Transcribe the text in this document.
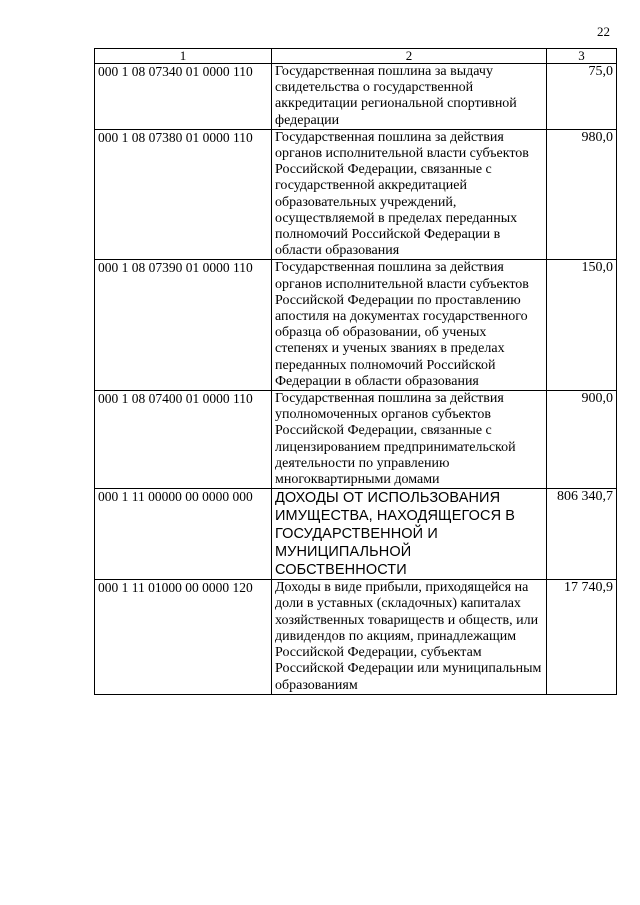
22
1	2	3
000 1 08 07340 01 0000 110	Государственная пошлина за выдачу свидетельства о государственной аккредитации региональной спортивной федерации	75,0
000 1 08 07380 01 0000 110	Государственная пошлина за действия органов исполнительной власти субъектов Российской Федерации, связанные с государственной аккредитацией образовательных учреждений, осуществляемой в пределах переданных полномочий Российской Федерации в области образования	980,0
000 1 08 07390 01 0000 110	Государственная пошлина за действия органов исполнительной власти субъектов Российской Федерации по проставлению апостиля на документах государственного образца об образовании, об ученых степенях и ученых званиях в пределах переданных полномочий Российской Федерации в области образования	150,0
000 1 08 07400 01 0000 110	Государственная пошлина за действия уполномоченных органов субъектов Российской Федерации, связанные с лицензированием предпринимательской деятельности по управлению многоквартирными домами	900,0
000 1 11 00000 00 0000 000	ДОХОДЫ ОТ ИСПОЛЬЗОВАНИЯ ИМУЩЕСТВА, НАХОДЯЩЕГОСЯ В ГОСУДАРСТВЕННОЙ И МУНИЦИПАЛЬНОЙ СОБСТВЕННОСТИ	806 340,7
000 1 11 01000 00 0000 120	Доходы в виде прибыли, приходящейся на доли в уставных (складочных) капиталах хозяйственных товариществ и обществ, или дивидендов по акциям, принадлежащим Российской Федерации, субъектам Российской Федерации или муниципальным образованиям	17 740,9
